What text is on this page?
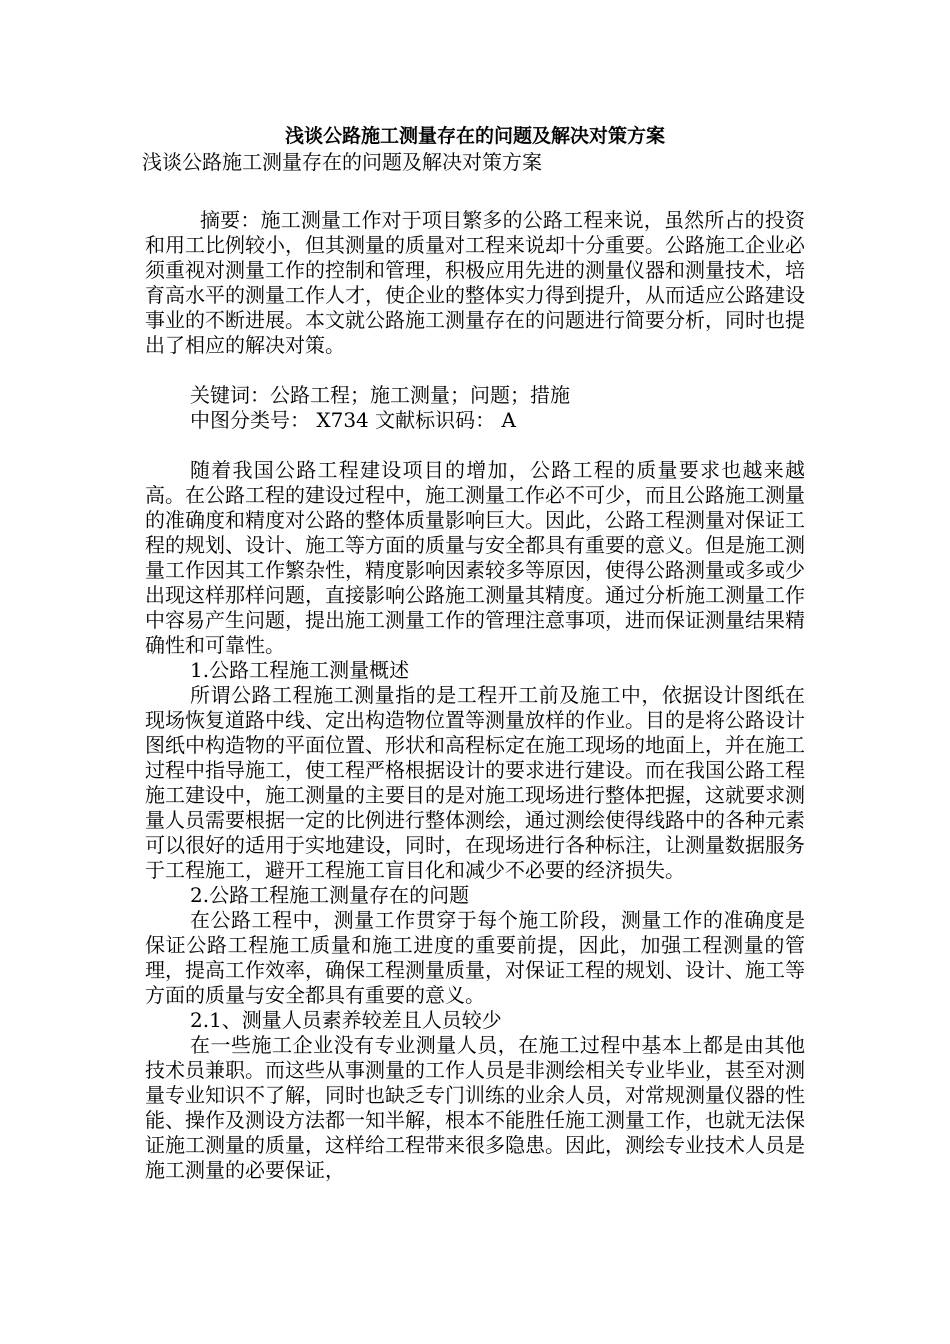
浅谈公路施工测量存在的问题及解决对策方案

浅谈公路施工测量存在的问题及解决对策方案

摘要：施工测量工作对于项目繁多的公路工程来说，虽然所占的投资和用工比例较小，但其测量的质量对工程来说却十分重要。公路施工企业必须重视对测量工作的控制和管理，积极应用先进的测量仪器和测量技术，培育高水平的测量工作人才，使企业的整体实力得到提升，从而适应公路建设事业的不断进展。本文就公路施工测量存在的问题进行简要分析，同时也提出了相应的解决对策。

关键词：公路工程；施工测量；问题；措施

中图分类号： X734 文献标识码： A

随着我国公路工程建设项目的增加，公路工程的质量要求也越来越高。在公路工程的建设过程中，施工测量工作必不可少，而且公路施工测量的准确度和精度对公路的整体质量影响巨大。因此，公路工程测量对保证工程的规划、设计、施工等方面的质量与安全都具有重要的意义。但是施工测量工作因其工作繁杂性，精度影响因素较多等原因，使得公路测量或多或少出现这样那样问题，直接影响公路施工测量其精度。通过分析施工测量工作中容易产生问题，提出施工测量工作的管理注意事项，进而保证测量结果精确性和可靠性。

1.公路工程施工测量概述

所谓公路工程施工测量指的是工程开工前及施工中，依据设计图纸在现场恢复道路中线、定出构造物位置等测量放样的作业。目的是将公路设计图纸中构造物的平面位置、形状和高程标定在施工现场的地面上，并在施工过程中指导施工，使工程严格根据设计的要求进行建设。而在我国公路工程施工建设中，施工测量的主要目的是对施工现场进行整体把握，这就要求测量人员需要根据一定的比例进行整体测绘，通过测绘使得线路中的各种元素可以很好的适用于实地建设，同时，在现场进行各种标注，让测量数据服务于工程施工，避开工程施工盲目化和减少不必要的经济损失。

2.公路工程施工测量存在的问题

在公路工程中，测量工作贯穿于每个施工阶段，测量工作的准确度是保证公路工程施工质量和施工进度的重要前提，因此，加强工程测量的管理，提高工作效率，确保工程测量质量，对保证工程的规划、设计、施工等方面的质量与安全都具有重要的意义。

2.1、测量人员素养较差且人员较少

在一些施工企业没有专业测量人员，在施工过程中基本上都是由其他技术员兼职。而这些从事测量的工作人员是非测绘相关专业毕业，甚至对测量专业知识不了解，同时也缺乏专门训练的业余人员，对常规测量仪器的性能、操作及测设方法都一知半解，根本不能胜任施工测量工作，也就无法保证施工测量的质量，这样给工程带来很多隐患。因此，测绘专业技术人员是施工测量的必要保证，
